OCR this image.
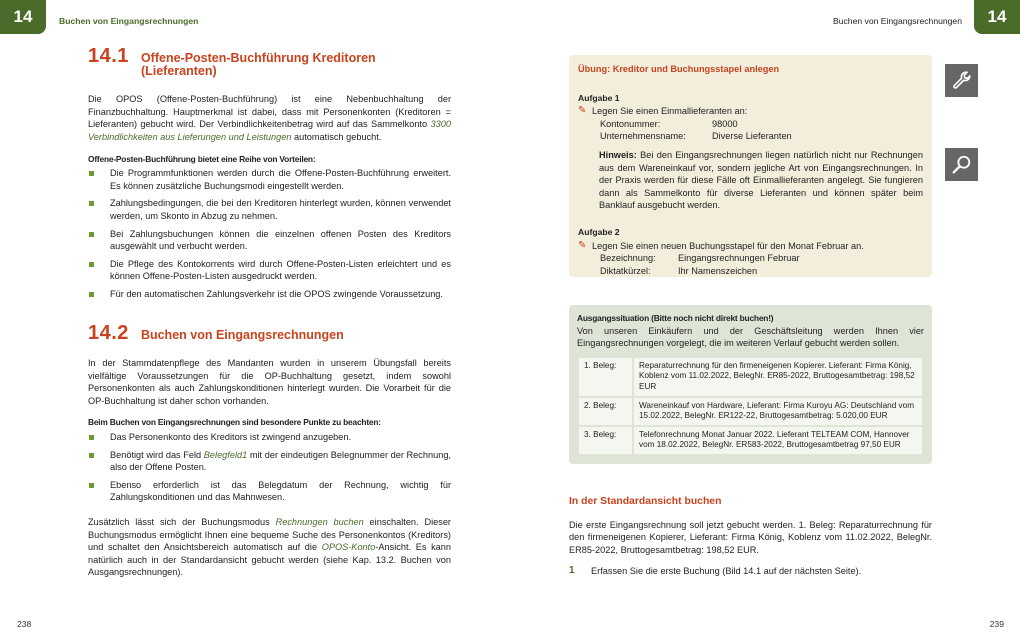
14	Buchen von Eingangsrechnungen	Buchen von Eingangsrechnungen	14
14.1 Offene-Posten-Buchführung Kreditoren (Lieferanten)

Die OPOS (Offene-Posten-Buchführung) ist eine Nebenbuchhaltung der Finanzbuchhaltung. Hauptmerkmal ist dabei, dass mit Personenkonten (Kreditoren = Lieferanten) gebucht wird. Der Verbindlichkeitenbetrag wird auf das Sammelkonto 3300 Verbindlichkeiten aus Lieferungen und Leistungen automatisch gebucht.

Offene-Posten-Buchführung bietet eine Reihe von Vorteilen:
Die Programmfunktionen werden durch die Offene-Posten-Buchführung erweitert. Es können zusätzliche Buchungsmodi eingestellt werden.
Zahlungsbedingungen, die bei den Kreditoren hinterlegt wurden, können verwendet werden, um Skonto in Abzug zu nehmen.
Bei Zahlungsbuchungen können die einzelnen offenen Posten des Kreditors ausgewählt und verbucht werden.
Die Pflege des Kontokorrents wird durch Offene-Posten-Listen erleichtert und es können Offene-Posten-Listen ausgedruckt werden.
Für den automatischen Zahlungsverkehr ist die OPOS zwingende Voraussetzung.
14.2 Buchen von Eingangsrechnungen

In der Stammdatenpflege des Mandanten wurden in unserem Übungsfall bereits vielfältige Voraussetzungen für die OP-Buchhaltung gesetzt, indem sowohl Personenkonten als auch Zahlungskonditionen hinterlegt wurden. Die Vorarbeit für die OP-Buchhaltung ist daher schon vorhanden.

Beim Buchen von Eingangsrechnungen sind besondere Punkte zu beachten:
Das Personenkonto des Kreditors ist zwingend anzugeben.
Benötigt wird das Feld Belegfeld1 mit der eindeutigen Belegnummer der Rechnung, also der Offene Posten.
Ebenso erforderlich ist das Belegdatum der Rechnung, wichtig für Zahlungskonditionen und das Mahnwesen.

Zusätzlich lässt sich der Buchungsmodus Rechnungen buchen einschalten. Dieser Buchungsmodus ermöglicht Ihnen eine bequeme Suche des Personenkontos (Kreditors) und schaltet den Ansichtsbereich automatisch auf die OPOS-Konto-Ansicht. Es kann natürlich auch in der Standardansicht gebucht werden (siehe Kap. 13.2. Buchen von Ausgangsrechnungen).

Übung: Kreditor und Buchungsstapel anlegen
Aufgabe 1
✎ Legen Sie einen Einmallieferanten an:
Kontonummer:	98000
Unternehmensname:	Diverse Lieferanten

Hinweis: Bei den Eingangsrechnungen liegen natürlich nicht nur Rechnungen aus dem Wareneinkauf vor, sondern jegliche Art von Eingangsrechnungen. In der Praxis werden für diese Fälle oft Einmallieferanten angelegt. Sie fungieren dann als Sammelkonto für diverse Lieferanten und können später beim Banklauf ausgebucht werden.

Aufgabe 2
✎ Legen Sie einen neuen Buchungsstapel für den Monat Februar an.
Bezeichnung:	Eingangsrechnungen Februar
Diktatkürzel:	Ihr Namenszeichen
Ausgangssituation (Bitte noch nicht direkt buchen!)

Von unseren Einkäufern und der Geschäftsleitung werden Ihnen vier Eingangsrechnungen vorgelegt, die im weiteren Verlauf gebucht werden sollen.

1. Beleg:	Reparaturrechnung für den firmeneigenen Kopierer. Lieferant: Firma König, Koblenz vom 11.02.2022, BelegNr. ER85-2022, Bruttogesamtbetrag: 198,52 EUR
2. Beleg:	Wareneinkauf von Hardware, Lieferant: Firma Kuroyu AG: Deutschland vom 15.02.2022, BelegNr. ER122-22, Bruttogesamtbetrag: 5.020,00 EUR
3. Beleg:	Telefonrechnung Monat Januar 2022. Lieferant TELTEAM COM, Hannover vom 18.02.2022, BelegNr. ER583-2022, Bruttogesamtbetrag 97,50 EUR
In der Standardansicht buchen

Die erste Eingangsrechnung soll jetzt gebucht werden. 1. Beleg: Reparaturrechnung für den firmeneigenen Kopierer, Lieferant: Firma König, Koblenz vom 11.02.2022, BelegNr. ER85-2022, Bruttogesamtbetrag: 198,52 EUR.

1	Erfassen Sie die erste Buchung (Bild 14.1 auf der nächsten Seite).
238	239
